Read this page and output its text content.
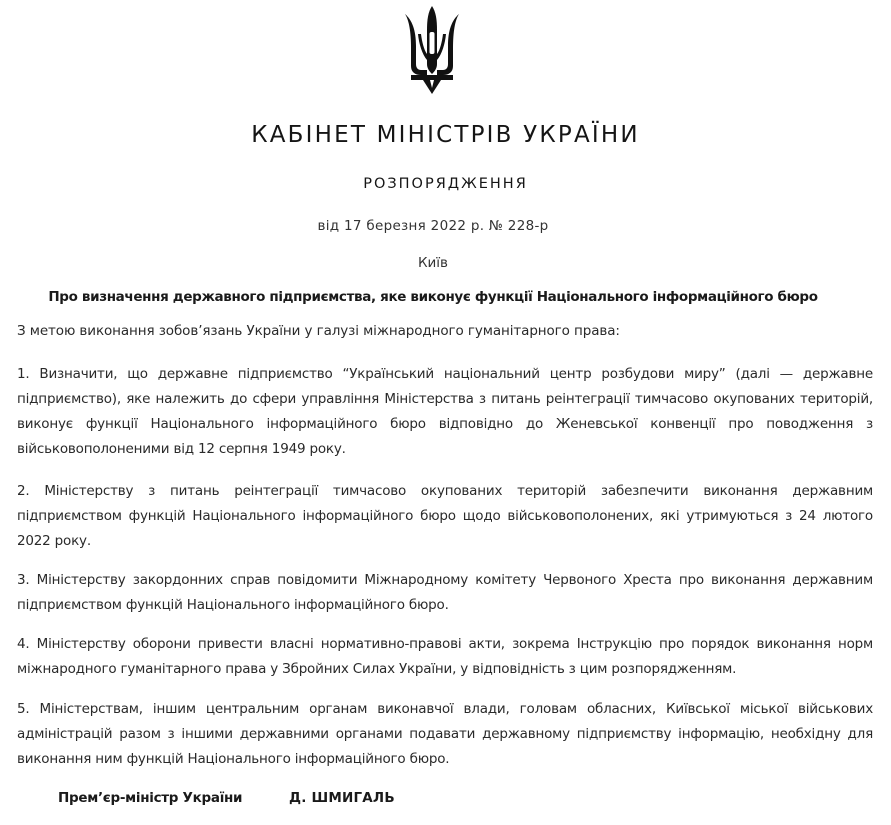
КАБІНЕТ МІНІСТРІВ УКРАЇНИ
РОЗПОРЯДЖЕННЯ
від 17 березня 2022 р. № 228-р
Київ
Про визначення державного підприємства, яке виконує функції Національного інформаційного бюро
З метою виконання зобов’язань України у галузі міжнародного гуманітарного права:
1. Визначити, що державне підприємство “Український національний центр розбудови миру” (далі — державне підприємство), яке належить до сфери управління Міністерства з питань реінтеграції тимчасово окупованих територій, виконує функції Національного інформаційного бюро відповідно до Женевської конвенції про поводження з військовополоненими від 12 серпня 1949 року.
2. Міністерству з питань реінтеграції тимчасово окупованих територій забезпечити виконання державним підприємством функцій Національного інформаційного бюро щодо військовополонених, які утримуються з 24 лютого 2022 року.
3. Міністерству закордонних справ повідомити Міжнародному комітету Червоного Хреста про виконання державним підприємством функцій Національного інформаційного бюро.
4. Міністерству оборони привести власні нормативно-правові акти, зокрема Інструкцію про порядок виконання норм міжнародного гуманітарного права у Збройних Силах України, у відповідність з цим розпорядженням.
5. Міністерствам, іншим центральним органам виконавчої влади, головам обласних, Київської міської військових адміністрацій разом з іншими державними органами подавати державному підприємству інформацію, необхідну для виконання ним функцій Національного інформаційного бюро.
Прем’єр-міністр України	Д. ШМИГАЛЬ
